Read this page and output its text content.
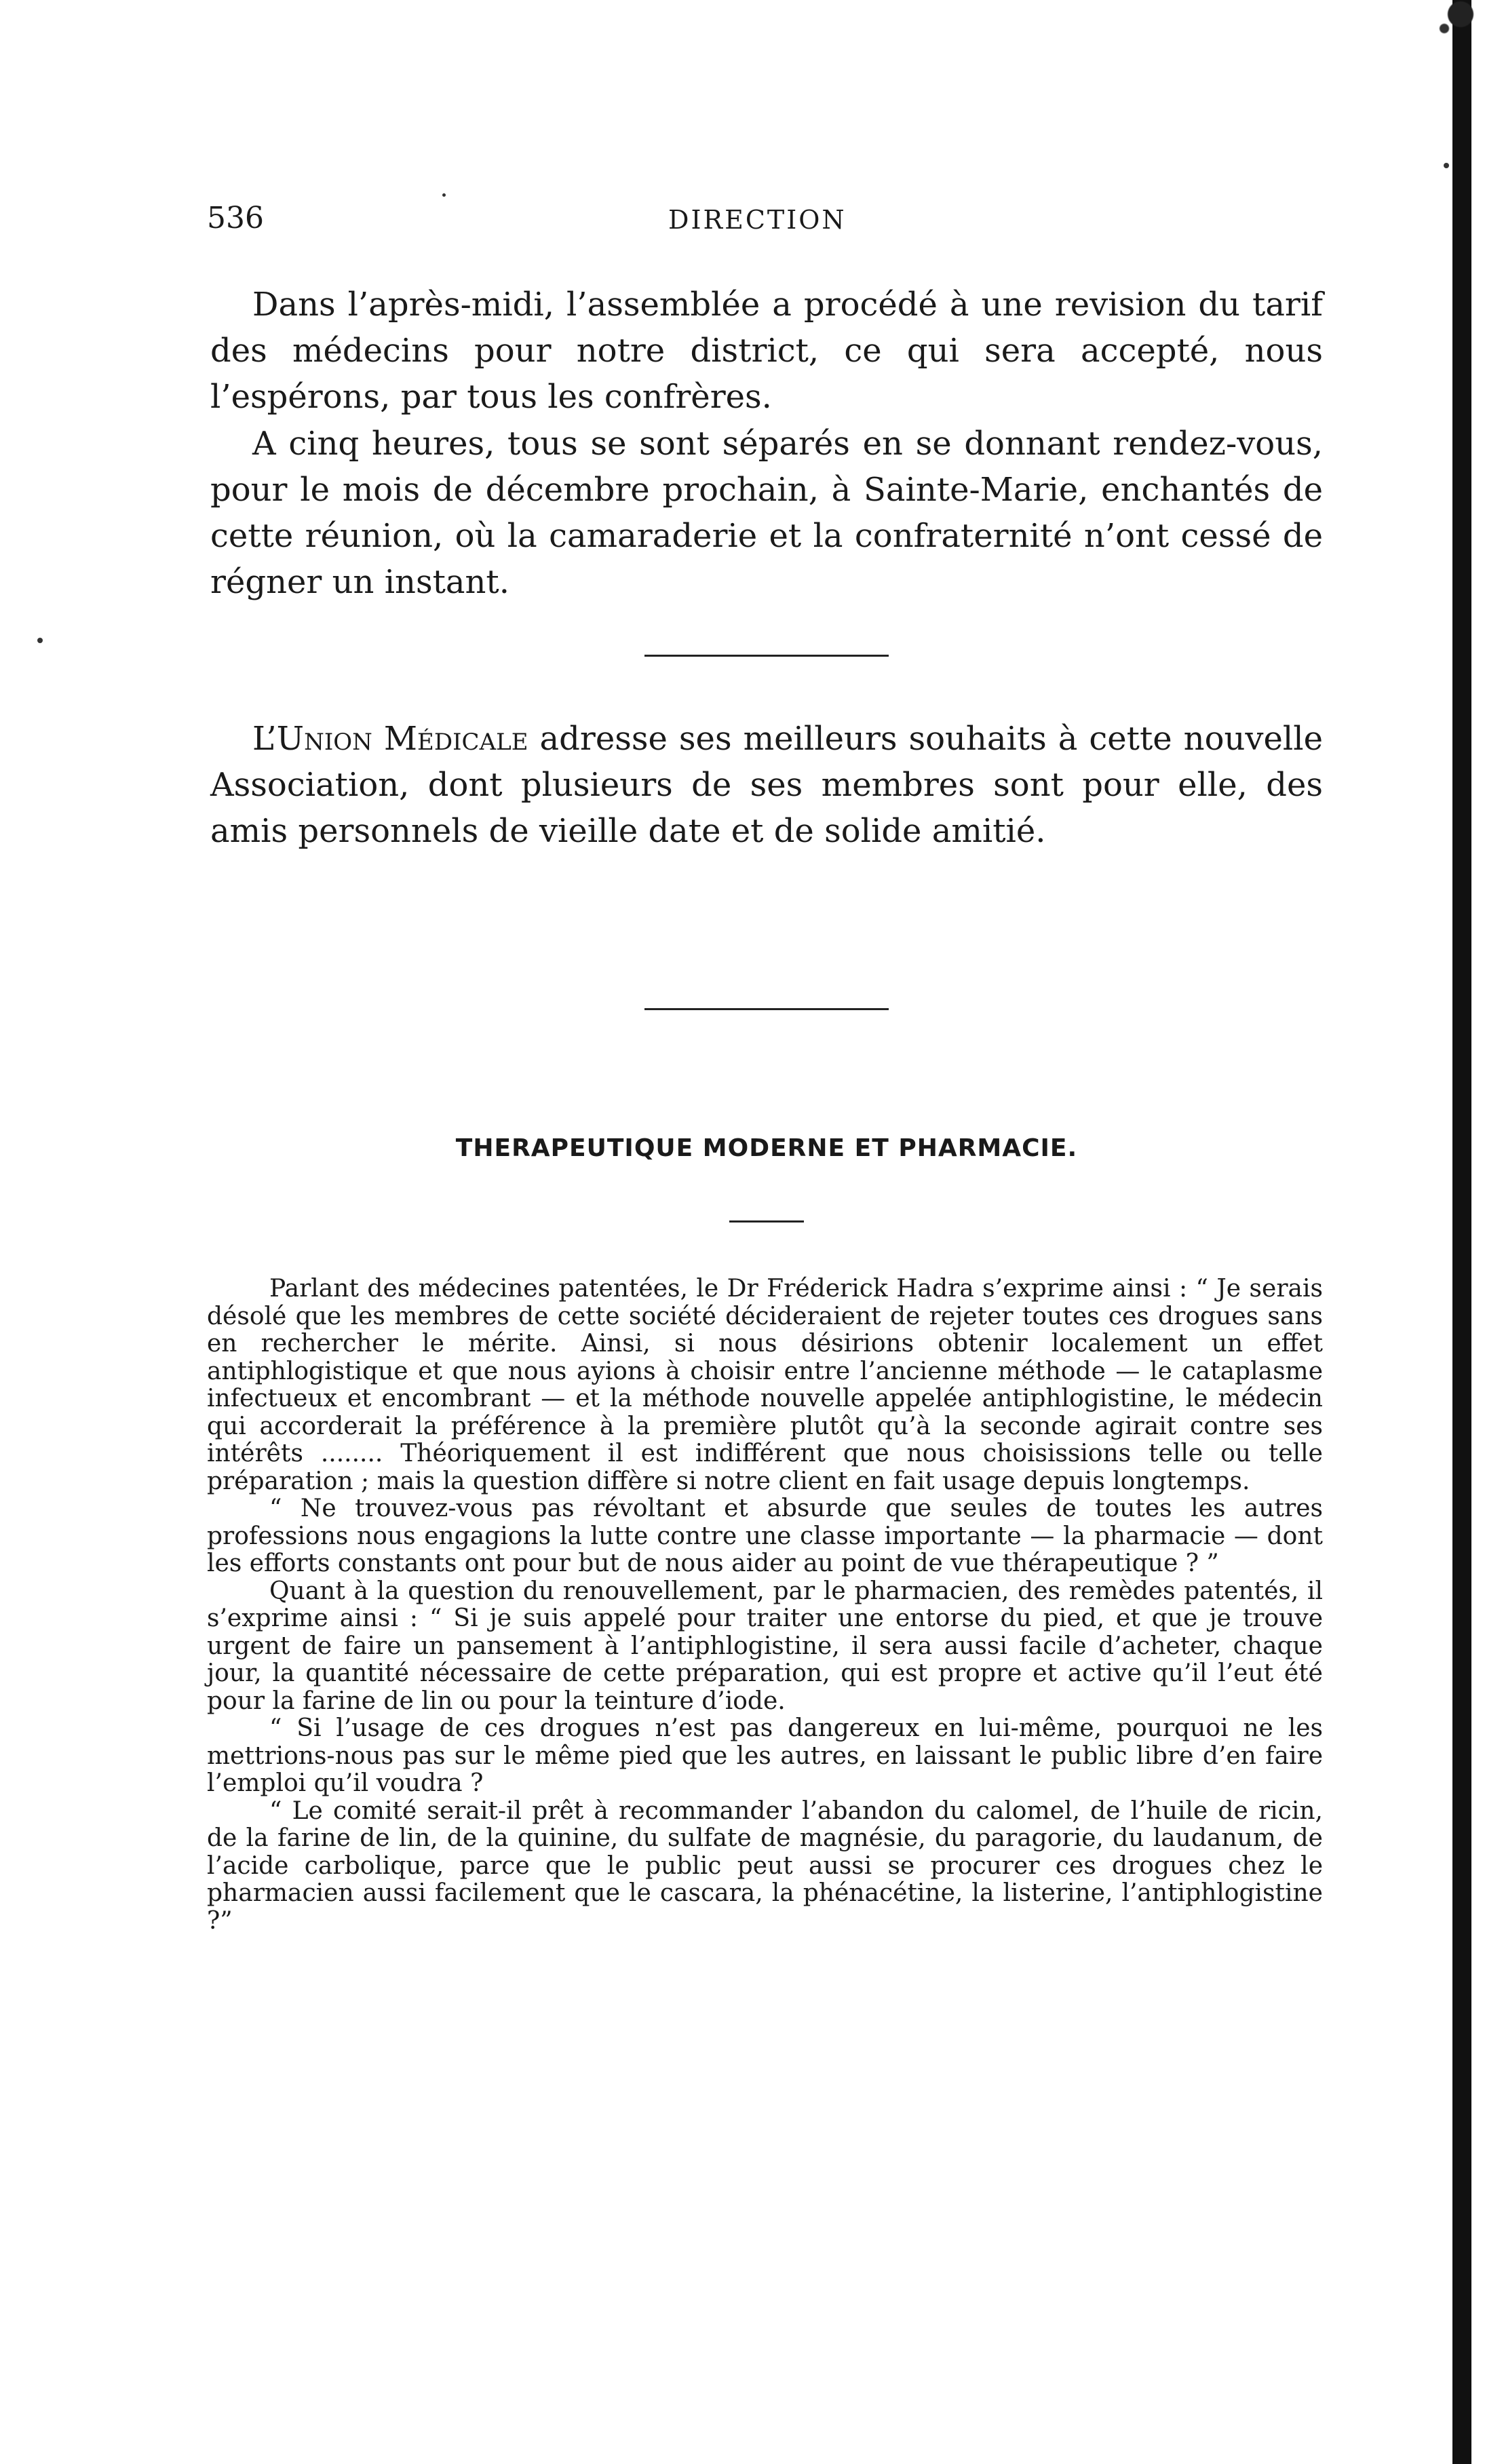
536	DIRECTION
Dans l’après-midi, l’assemblée a procédé à une revision du tarif des médecins pour notre district, ce qui sera accepté, nous l’espérons, par tous les confrères.
A cinq heures, tous se sont séparés en se donnant rendez-vous, pour le mois de décembre prochain, à Sainte-Marie, enchantés de cette réunion, où la camaraderie et la confraternité n’ont cessé de régner un instant.
L’Union Médicale adresse ses meilleurs souhaits à cette nouvelle Association, dont plusieurs de ses membres sont pour elle, des amis personnels de vieille date et de solide amitié.
THERAPEUTIQUE MODERNE ET PHARMACIE.

Parlant des médecines patentées, le Dr Fréderick Hadra s’exprime ainsi : “ Je serais désolé que les membres de cette société décideraient de rejeter toutes ces drogues sans en rechercher le mérite. Ainsi, si nous désirions obtenir localement un effet antiphlogistique et que nous ayions à choisir entre l’ancienne méthode — le cataplasme infectueux et encombrant — et la méthode nouvelle appelée antiphlogistine, le médecin qui accorderait la préférence à la première plutôt qu’à la seconde agirait contre ses intérêts ........ Théoriquement il est indifférent que nous choisissions telle ou telle préparation ; mais la question diffère si notre client en fait usage depuis longtemps.

“ Ne trouvez-vous pas révoltant et absurde que seules de toutes les autres professions nous engagions la lutte contre une classe importante — la pharmacie — dont les efforts constants ont pour but de nous aider au point de vue thérapeutique ? ”

Quant à la question du renouvellement, par le pharmacien, des remèdes patentés, il s’exprime ainsi : “ Si je suis appelé pour traiter une entorse du pied, et que je trouve urgent de faire un pansement à l’antiphlogistine, il sera aussi facile d’acheter, chaque jour, la quantité nécessaire de cette préparation, qui est propre et active qu’il l’eut été pour la farine de lin ou pour la teinture d’iode.

“ Si l’usage de ces drogues n’est pas dangereux en lui-même, pourquoi ne les mettrions-nous pas sur le même pied que les autres, en laissant le public libre d’en faire l’emploi qu’il voudra ?

“ Le comité serait-il prêt à recommander l’abandon du calomel, de l’huile de ricin, de la farine de lin, de la quinine, du sulfate de magnésie, du paragorie, du laudanum, de l’acide carbolique, parce que le public peut aussi se procurer ces drogues chez le pharmacien aussi facilement que le cascara, la phénacétine, la listerine, l’antiphlogistine ?”
